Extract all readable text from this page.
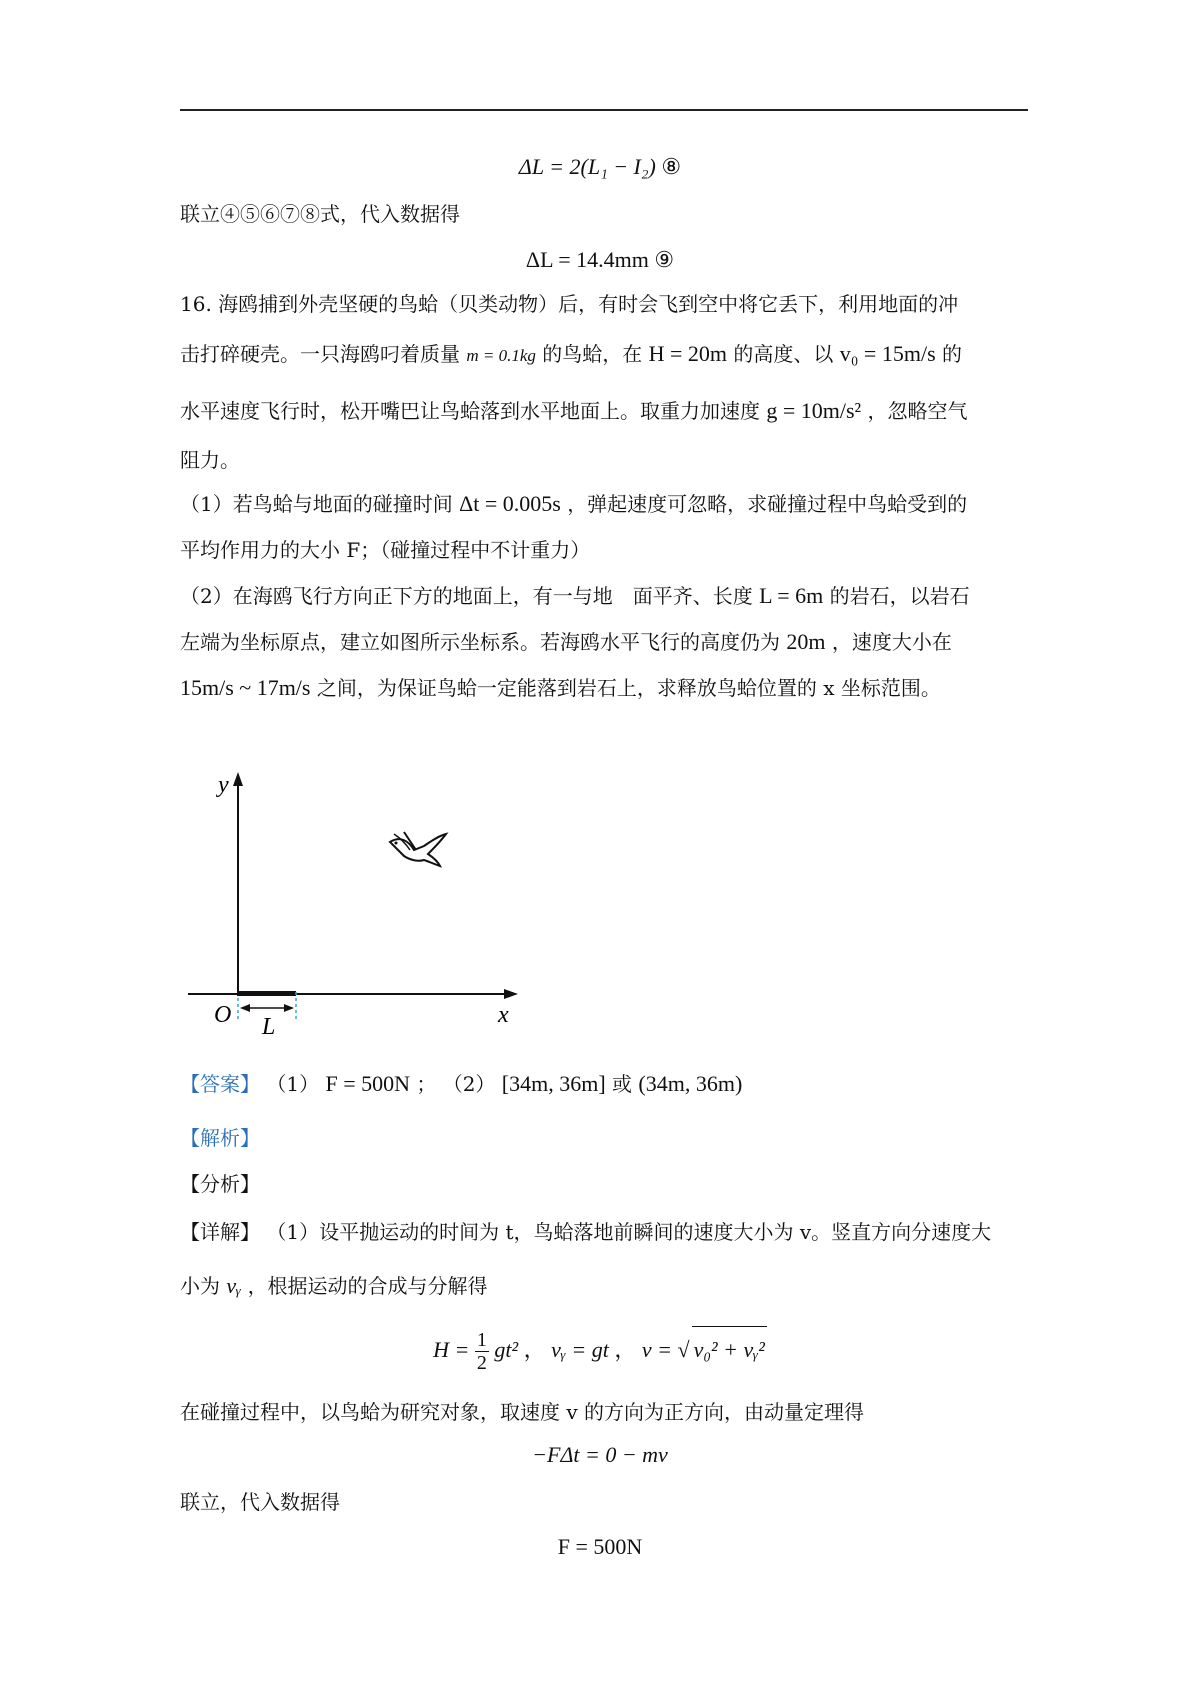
ΔL = 2(L₁ − I₂) ⑧
联立④⑤⑥⑦⑧式，代入数据得
ΔL = 14.4mm ⑨
16. 海鸥捕到外壳坚硬的鸟蛤（贝类动物）后，有时会飞到空中将它丢下，利用地面的冲
击打碎硬壳。一只海鸥叼着质量 m = 0.1kg 的鸟蛤，在 H = 20m 的高度、以 v₀ = 15m/s 的
水平速度飞行时，松开嘴巴让鸟蛤落到水平地面上。取重力加速度 g = 10m/s² ，忽略空气
阻力。
（1）若鸟蛤与地面的碰撞时间 Δt = 0.005s ，弹起速度可忽略，求碰撞过程中鸟蛤受到的
平均作用力的大小 F；（碰撞过程中不计重力）
（2）在海鸥飞行方向正下方的地面上，有一与地　面平齐、长度 L = 6m 的岩石，以岩石
左端为坐标原点，建立如图所示坐标系。若海鸥水平飞行的高度仍为 20m ，速度大小在
15m/s ~ 17m/s 之间，为保证鸟蛤一定能落到岩石上，求释放鸟蛤位置的 x 坐标范围。
y
x
O L
【答案】 （1） F = 500N ； （2） [34m, 36m] 或 (34m, 36m)
【解析】
【分析】
【详解】 （1）设平抛运动的时间为 t，鸟蛤落地前瞬间的速度大小为 v。竖直方向分速度大
小为 vᵧ ，根据运动的合成与分解得
$H = \frac{1}{2} gt^2$ ， vᵧ = gt ， v = √ v₀² + vᵧ²
在碰撞过程中，以鸟蛤为研究对象，取速度 v 的方向为正方向，由动量定理得
−FΔt = 0 − mv
联立，代入数据得
F = 500N
